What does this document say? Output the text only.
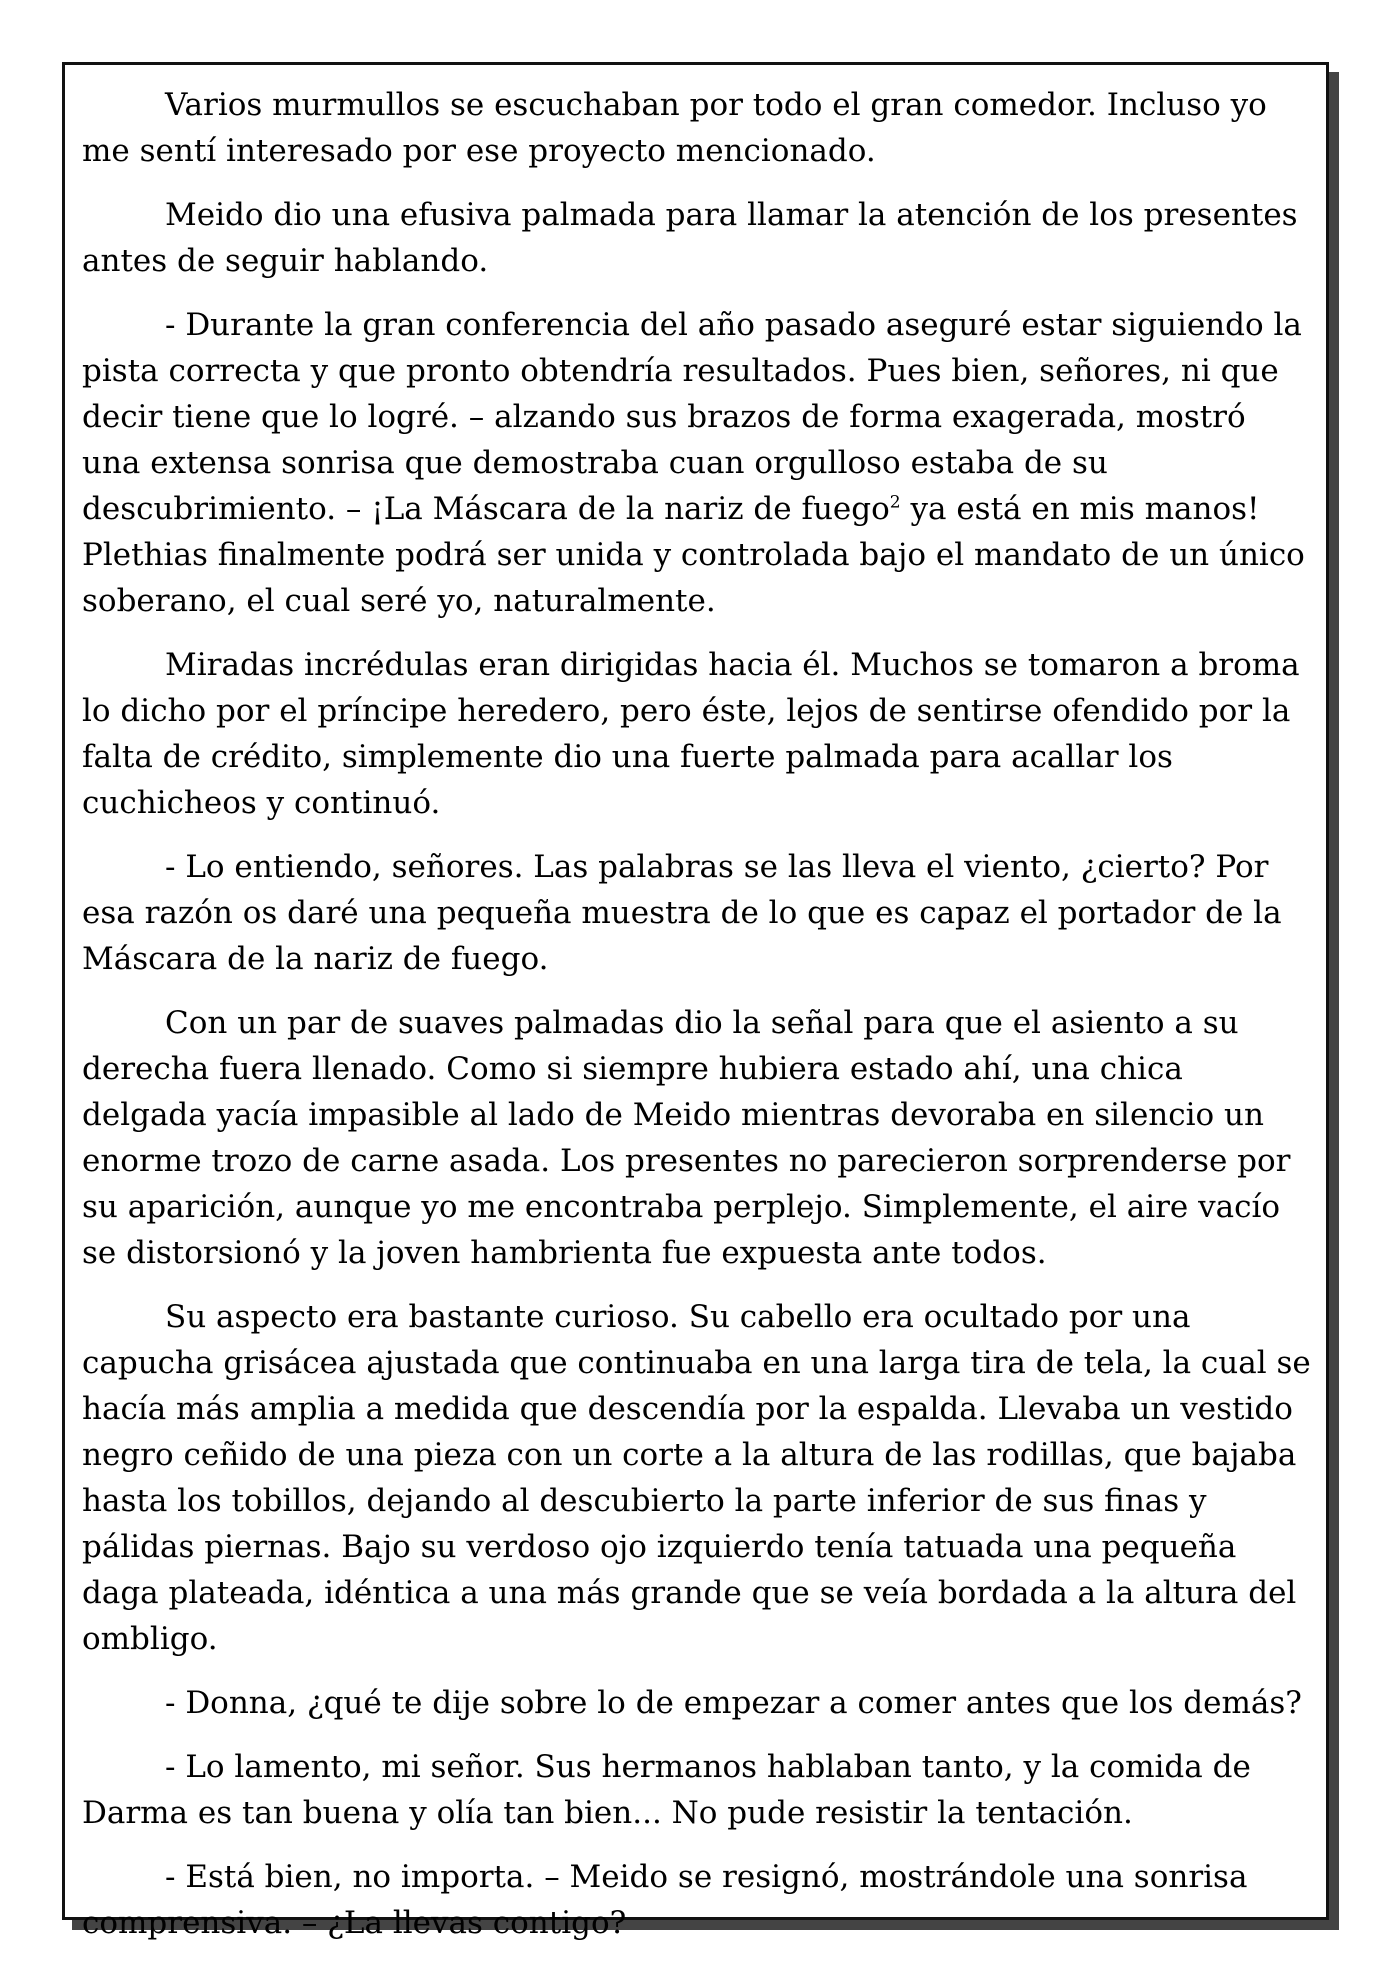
Varios murmullos se escuchaban por todo el gran comedor. Incluso yo me sentí interesado por ese proyecto mencionado.

Meido dio una efusiva palmada para llamar la atención de los presentes antes de seguir hablando.

- Durante la gran conferencia del año pasado aseguré estar siguiendo la pista correcta y que pronto obtendría resultados. Pues bien, señores, ni que decir tiene que lo logré. – alzando sus brazos de forma exagerada, mostró una extensa sonrisa que demostraba cuan orgulloso estaba de su descubrimiento. – ¡La Máscara de la nariz de fuego$^2$ ya está en mis manos! Plethias finalmente podrá ser unida y controlada bajo el mandato de un único soberano, el cual seré yo, naturalmente.

Miradas incrédulas eran dirigidas hacia él. Muchos se tomaron a broma lo dicho por el príncipe heredero, pero éste, lejos de sentirse ofendido por la falta de crédito, simplemente dio una fuerte palmada para acallar los cuchicheos y continuó.

- Lo entiendo, señores. Las palabras se las lleva el viento, ¿cierto? Por esa razón os daré una pequeña muestra de lo que es capaz el portador de la Máscara de la nariz de fuego.

Con un par de suaves palmadas dio la señal para que el asiento a su derecha fuera llenado. Como si siempre hubiera estado ahí, una chica delgada yacía impasible al lado de Meido mientras devoraba en silencio un enorme trozo de carne asada. Los presentes no parecieron sorprenderse por su aparición, aunque yo me encontraba perplejo. Simplemente, el aire vacío se distorsionó y la joven hambrienta fue expuesta ante todos.

Su aspecto era bastante curioso. Su cabello era ocultado por una capucha grisácea ajustada que continuaba en una larga tira de tela, la cual se hacía más amplia a medida que descendía por la espalda. Llevaba un vestido negro ceñido de una pieza con un corte a la altura de las rodillas, que bajaba hasta los tobillos, dejando al descubierto la parte inferior de sus finas y pálidas piernas. Bajo su verdoso ojo izquierdo tenía tatuada una pequeña daga plateada, idéntica a una más grande que se veía bordada a la altura del ombligo.

- Donna, ¿qué te dije sobre lo de empezar a comer antes que los demás?

- Lo lamento, mi señor. Sus hermanos hablaban tanto, y la comida de Darma es tan buena y olía tan bien... No pude resistir la tentación.

- Está bien, no importa. – Meido se resignó, mostrándole una sonrisa comprensiva. – ¿La llevas contigo?
